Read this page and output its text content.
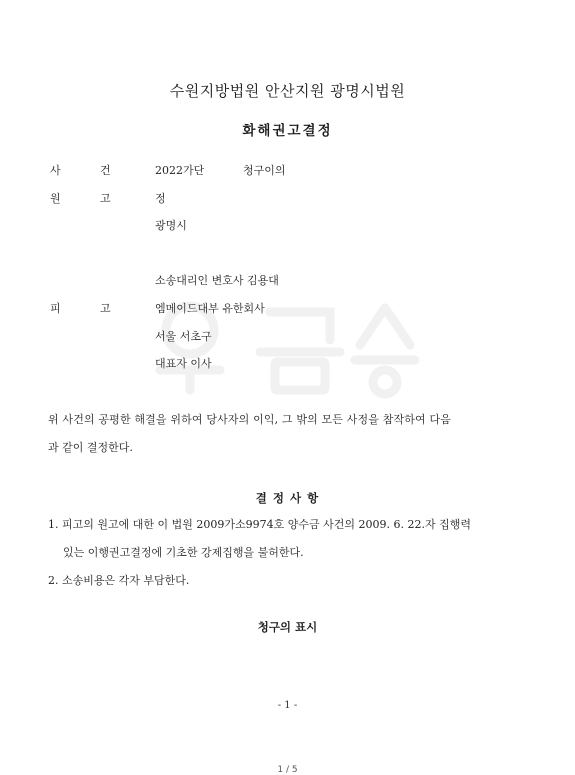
수원지방법원 안산지원 광명시법원
화해권고결정
사	건	2022가단	청구이의
원	고	정
광명시
소송대리인 변호사 김용대
피	고	엠메이드대부 유한회사
서울 서초구
대표자 이사
위 사건의 공평한 해결을 위하여 당사자의 이익, 그 밖의 모든 사정을 참작하여 다음
과 같이 결정한다.
결 정 사 항
1. 피고의 원고에 대한 이 법원 2009가소9974호 양수금 사건의 2009. 6. 22.자 집행력
있는 이행권고결정에 기초한 강제집행을 불허한다.
2. 소송비용은 각자 부담한다.
청구의 표시
- 1 -
1 / 5
